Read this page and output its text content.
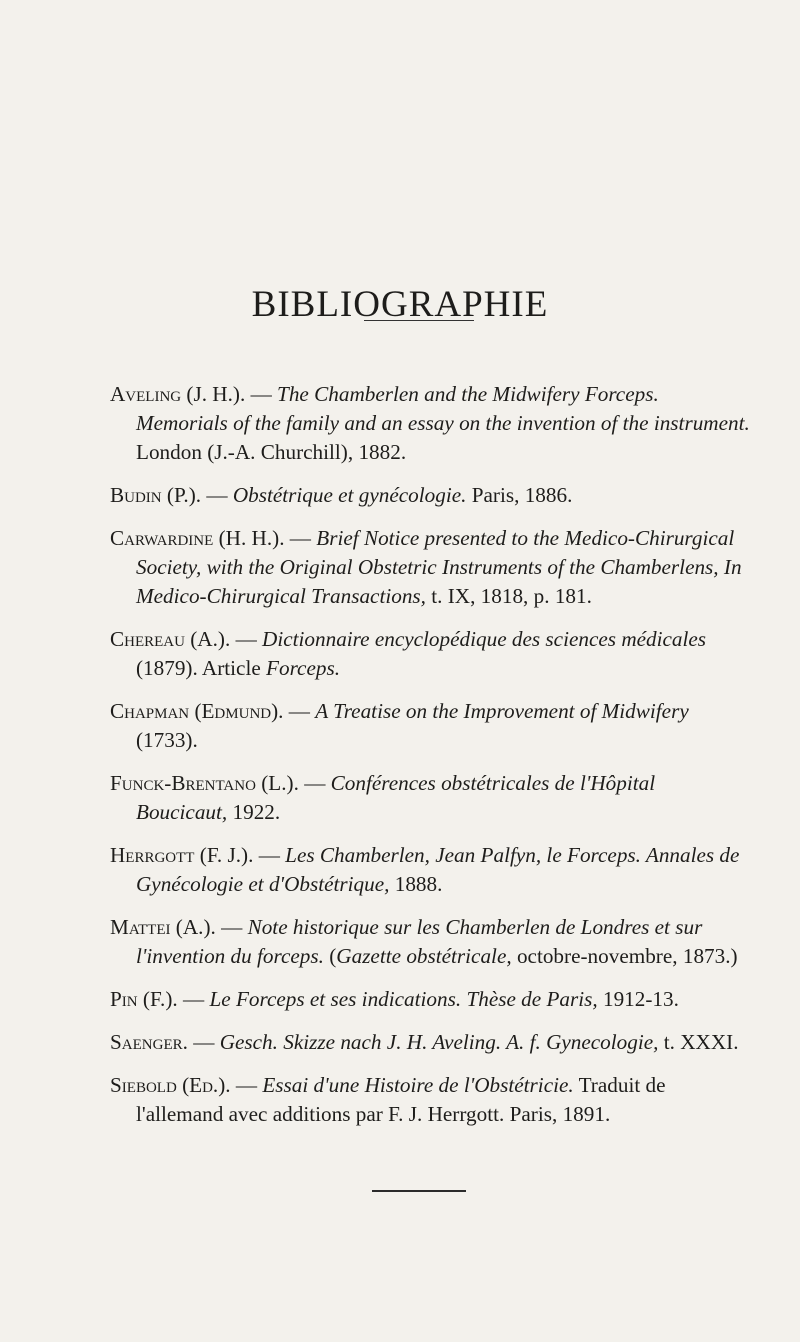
BIBLIOGRAPHIE

Aveling (J. H.). — The Chamberlen and the Midwifery Forceps. Memorials of the family and an essay on the invention of the instrument. London (J.-A. Churchill), 1882.

Budin (P.). — Obstétrique et gynécologie. Paris, 1886.

Carwardine (H. H.). — Brief Notice presented to the Medico-Chirurgical Society, with the Original Obstetric Instruments of the Chamberlens, In Medico-Chirurgical Transactions, t. IX, 1818, p. 181.

Chereau (A.). — Dictionnaire encyclopédique des sciences médicales (1879). Article Forceps.

Chapman (Edmund). — A Treatise on the Improvement of Midwifery (1733).

Funck-Brentano (L.). — Conférences obstétricales de l'Hôpital Boucicaut, 1922.

Herrgott (F. J.). — Les Chamberlen, Jean Palfyn, le Forceps. Annales de Gynécologie et d'Obstétrique, 1888.

Mattei (A.). — Note historique sur les Chamberlen de Londres et sur l'invention du forceps. (Gazette obstétricale, octobre-novembre, 1873.)

Pin (F.). — Le Forceps et ses indications. Thèse de Paris, 1912-13.

Saenger. — Gesch. Skizze nach J. H. Aveling. A. f. Gynecologie, t. XXXI.

Siebold (Ed.). — Essai d'une Histoire de l'Obstétricie. Traduit de l'allemand avec additions par F. J. Herrgott. Paris, 1891.
